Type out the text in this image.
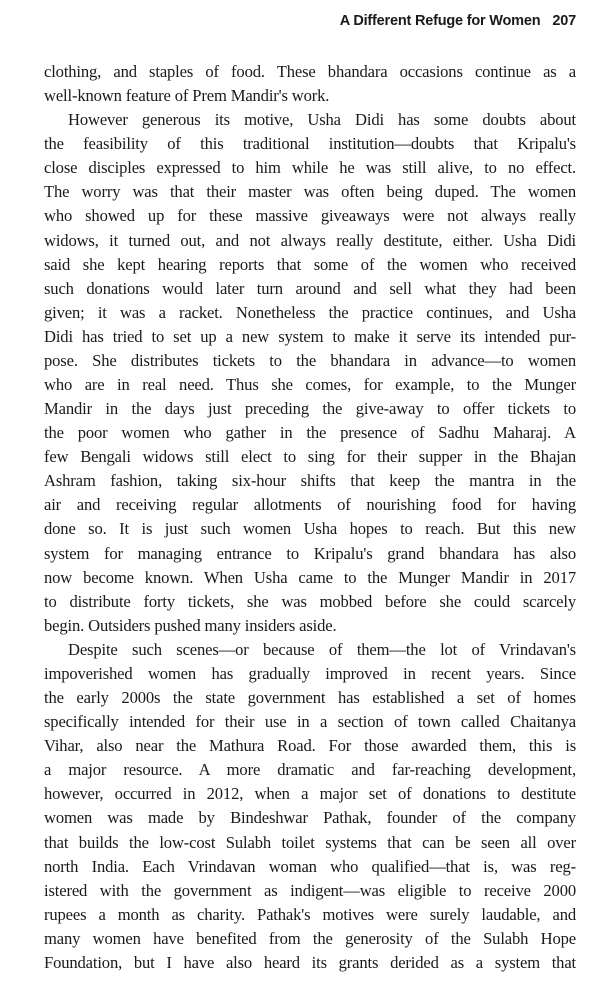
A Different Refuge for Women 207
clothing, and staples of food. These bhandara occasions continue as a
well-known feature of Prem Mandir's work.
However generous its motive, Usha Didi has some doubts about
the feasibility of this traditional institution—doubts that Kripalu's
close disciples expressed to him while he was still alive, to no effect.
The worry was that their master was often being duped. The women
who showed up for these massive giveaways were not always really
widows, it turned out, and not always really destitute, either. Usha Didi
said she kept hearing reports that some of the women who received
such donations would later turn around and sell what they had been
given; it was a racket. Nonetheless the practice continues, and Usha
Didi has tried to set up a new system to make it serve its intended pur-
pose. She distributes tickets to the bhandara in advance—to women
who are in real need. Thus she comes, for example, to the Munger
Mandir in the days just preceding the give-away to offer tickets to
the poor women who gather in the presence of Sadhu Maharaj. A
few Bengali widows still elect to sing for their supper in the Bhajan
Ashram fashion, taking six-hour shifts that keep the mantra in the
air and receiving regular allotments of nourishing food for having
done so. It is just such women Usha hopes to reach. But this new
system for managing entrance to Kripalu's grand bhandara has also
now become known. When Usha came to the Munger Mandir in 2017
to distribute forty tickets, she was mobbed before she could scarcely
begin. Outsiders pushed many insiders aside.
Despite such scenes—or because of them—the lot of Vrindavan's
impoverished women has gradually improved in recent years. Since
the early 2000s the state government has established a set of homes
specifically intended for their use in a section of town called Chaitanya
Vihar, also near the Mathura Road. For those awarded them, this is
a major resource. A more dramatic and far-reaching development,
however, occurred in 2012, when a major set of donations to destitute
women was made by Bindeshwar Pathak, founder of the company
that builds the low-cost Sulabh toilet systems that can be seen all over
north India. Each Vrindavan woman who qualified—that is, was reg-
istered with the government as indigent—was eligible to receive 2000
rupees a month as charity. Pathak's motives were surely laudable, and
many women have benefited from the generosity of the Sulabh Hope
Foundation, but I have also heard its grants derided as a system that
